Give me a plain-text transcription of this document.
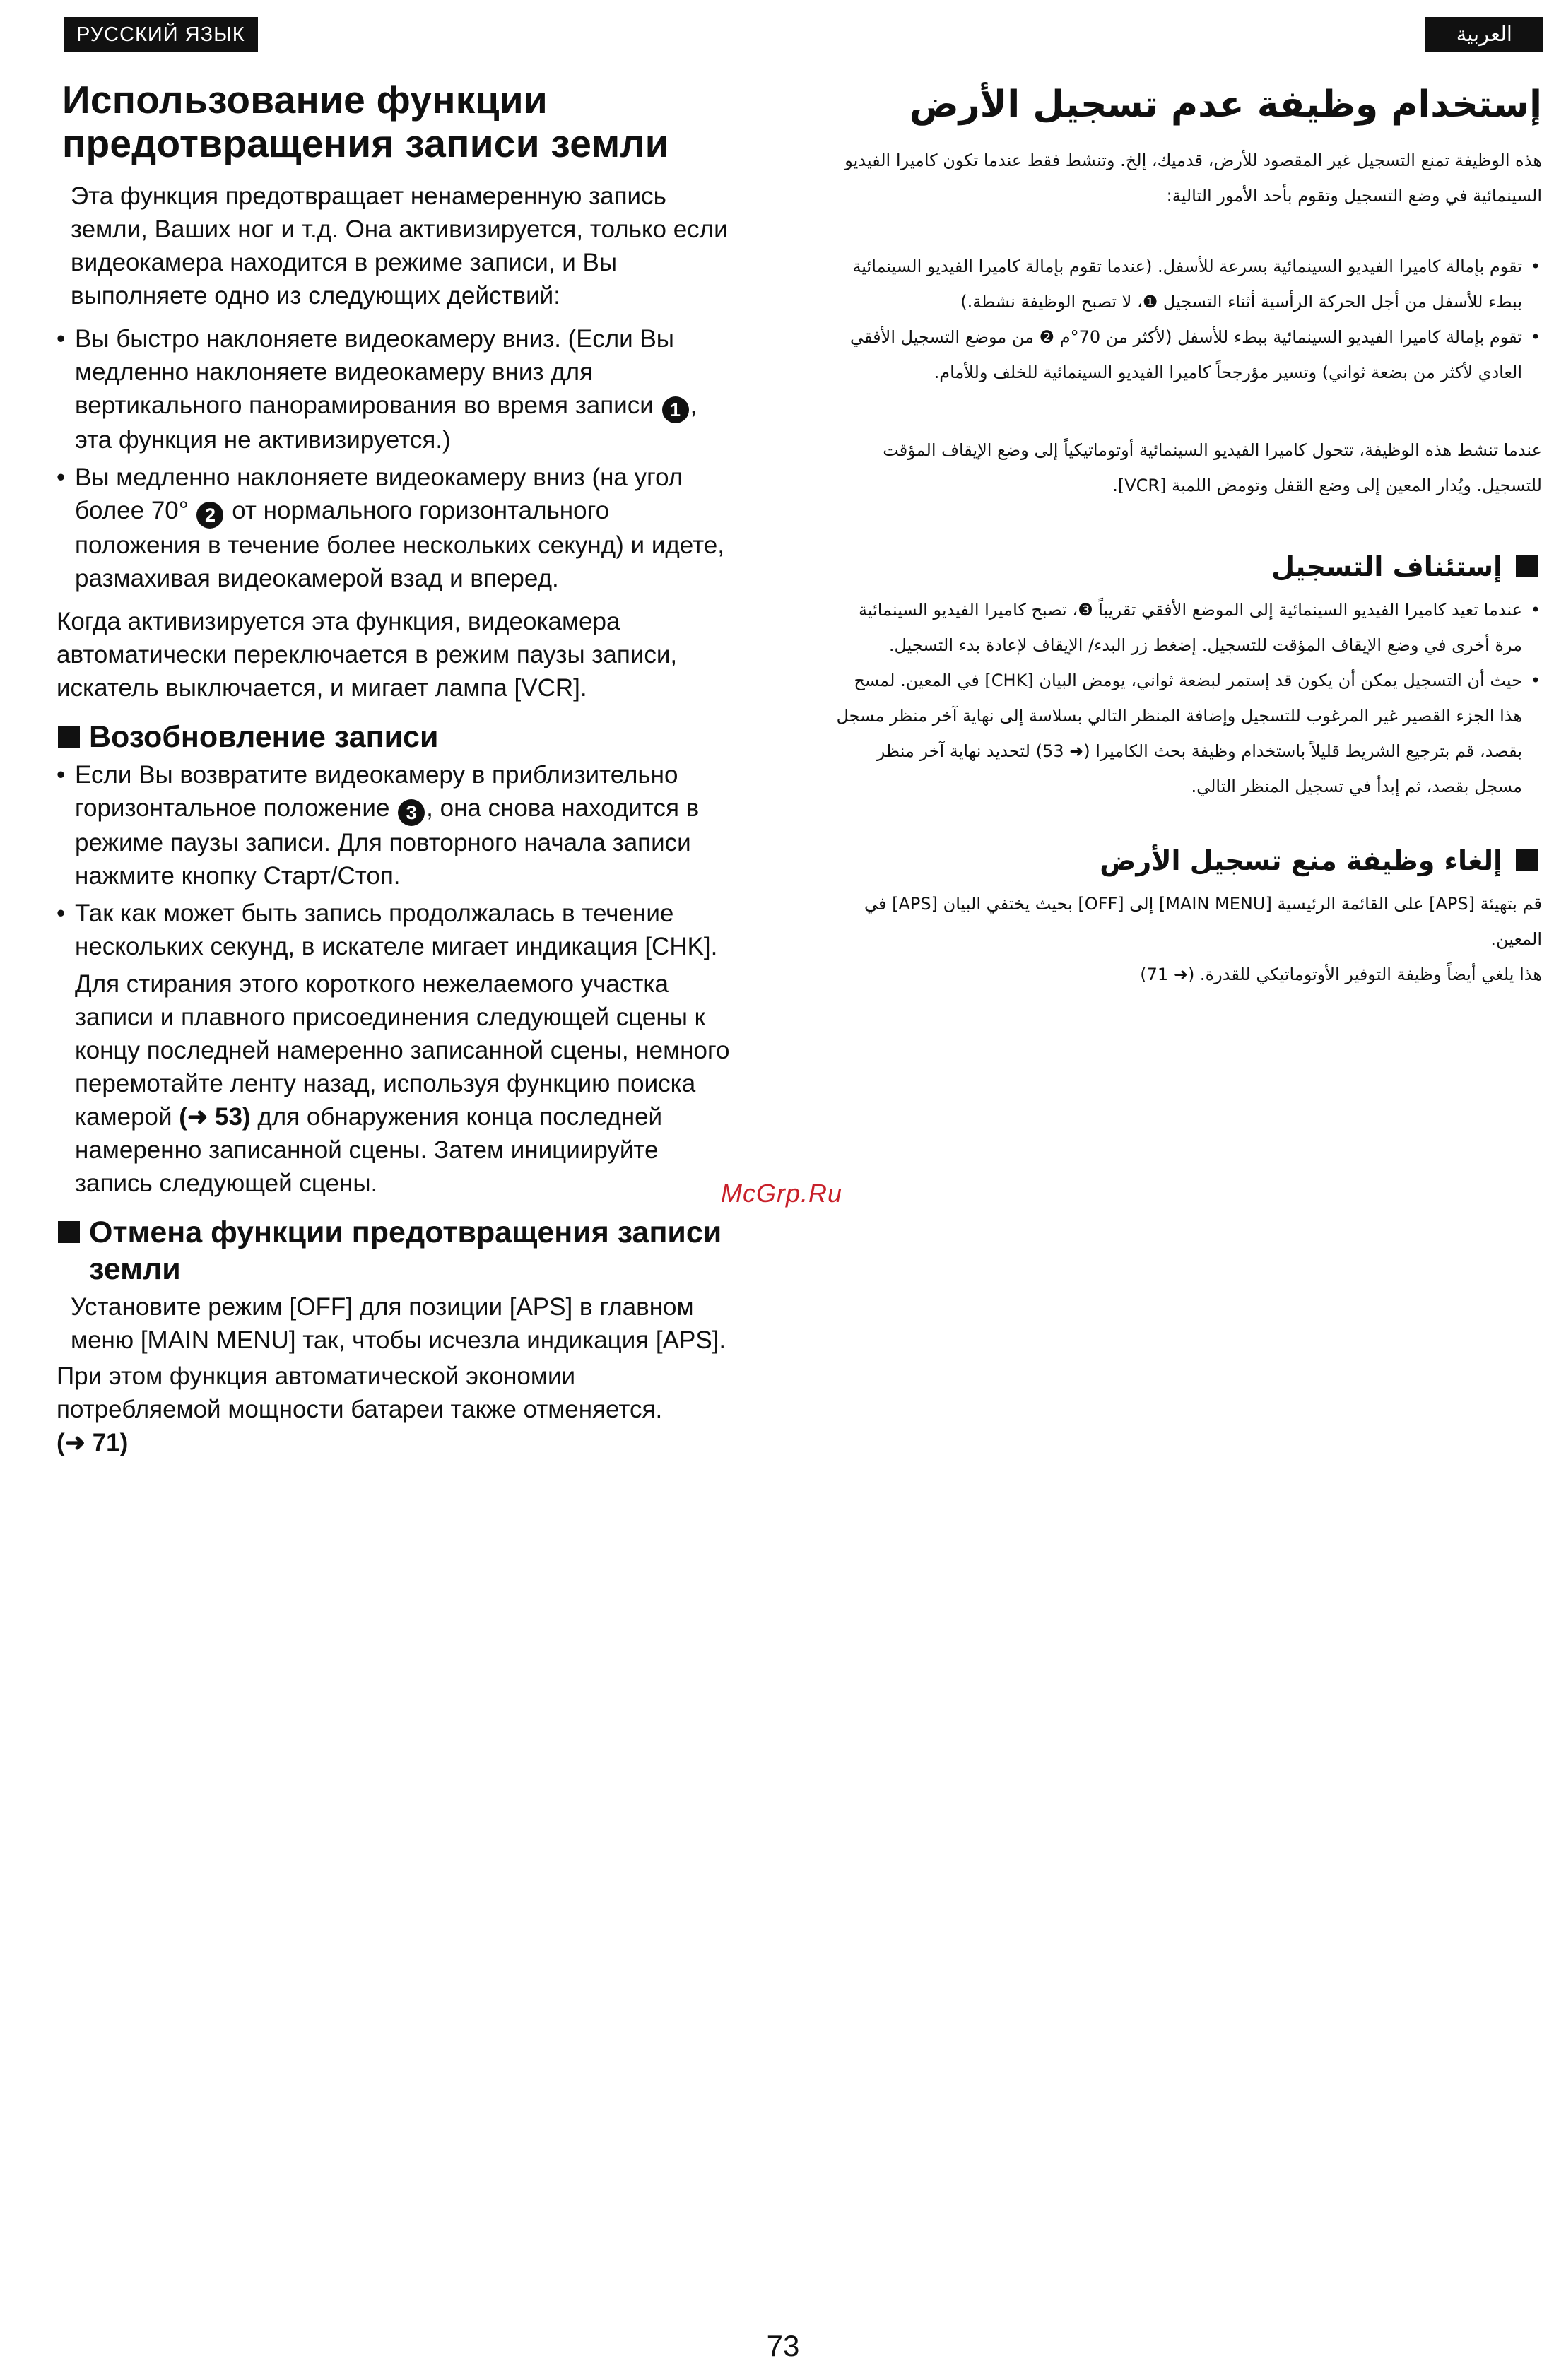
РУССКИЙ ЯЗЫК	العربية
Использование функции предотвращения записи земли

Эта функция предотвращает ненамеренную запись земли, Ваших ног и т.д. Она активизируется, только если видеокамера находится в режиме записи, и Вы выполняете одно из следующих действий:

• Вы быстро наклоняете видеокамеру вниз. (Если Вы медленно наклоняете видеокамеру вниз для вертикального панорамирования во время записи 1 , эта функция не активизируется.)
• Вы медленно наклоняете видеокамеру вниз (на угол более 70° 2 от нормального горизонтального положения в течение более нескольких секунд) и идете, размахивая видеокамерой взад и вперед.

Когда активизируется эта функция, видеокамера автоматически переключается в режим паузы записи, искатель выключается, и мигает лампа [VCR].

Возобновление записи
• Если Вы возвратите видеокамеру в приблизительно горизонтальное положение 3 , она снова находится в режиме паузы записи. Для повторного начала записи нажмите кнопку Старт/Стоп.
• Так как может быть запись продолжалась в течение нескольких секунд, в искателе мигает индикация [CHK].

Для стирания этого короткого нежелаемого участка записи и плавного присоединения следующей сцены к концу последней намеренно записанной сцены, немного перемотайте ленту назад, используя функцию поиска камерой (➜ 53) для обнаружения конца последней намеренно записанной сцены. Затем инициируйте запись следующей сцены.

Отмена функции предотвращения записи земли

Установите режим [OFF] для позиции [APS] в главном меню [MAIN MENU] так, чтобы исчезла индикация [APS].

При этом функция автоматической экономии потребляемой мощности батареи также отменяется.
(➜ 71)

إستخدام وظيفة عدم تسجيل الأرض

هذه الوظيفة تمنع التسجيل غير المقصود للأرض، قدميك، إلخ. وتنشط فقط عندما تكون كاميرا الفيديو السينمائية في وضع التسجيل وتقوم بأحد الأمور التالية:

• تقوم بإمالة كاميرا الفيديو السينمائية بسرعة للأسفل. (عندما تقوم بإمالة كاميرا الفيديو السينمائية ببطء للأسفل من أجل الحركة الرأسية أثناء التسجيل ❶، لا تصبح الوظيفة نشطة.)

• تقوم بإمالة كاميرا الفيديو السينمائية ببطء للأسفل (لأكثر من 70°م ❷ من موضع التسجيل الأفقي العادي لأكثر من بضعة ثواني) وتسير مؤرجحاً كاميرا الفيديو السينمائية للخلف وللأمام.

عندما تنشط هذه الوظيفة، تتحول كاميرا الفيديو السينمائية أوتوماتيكياً إلى وضع الإيقاف المؤقت للتسجيل. ويُدار المعين إلى وضع القفل وتومض اللمبة [VCR].

إستئناف التسجيل

• عندما تعيد كاميرا الفيديو السينمائية إلى الموضع الأفقي تقريباً ❸، تصبح كاميرا الفيديو السينمائية مرة أخرى في وضع الإيقاف المؤقت للتسجيل. إضغط زر البدء/ الإيقاف لإعادة بدء التسجيل.

• حيث أن التسجيل يمكن أن يكون قد إستمر لبضعة ثواني، يومض البيان [CHK] في المعين. لمسح هذا الجزء القصير غير المرغوب للتسجيل وإضافة المنظر التالي بسلاسة إلى نهاية آخر منظر مسجل بقصد، قم بترجيع الشريط قليلاً باستخدام وظيفة بحث الكاميرا (➜ 53) لتحديد نهاية آخر منظر مسجل بقصد، ثم إبدأ في تسجيل المنظر التالي.

إلغاء وظيفة منع تسجيل الأرض

قم بتهيئة [APS] على القائمة الرئيسية [MAIN MENU] إلى [OFF] بحيث يختفي البيان [APS] في المعين.

هذا يلغي أيضاً وظيفة التوفير الأوتوماتيكي للقدرة. (➜ 71)

McGrp.Ru
73
